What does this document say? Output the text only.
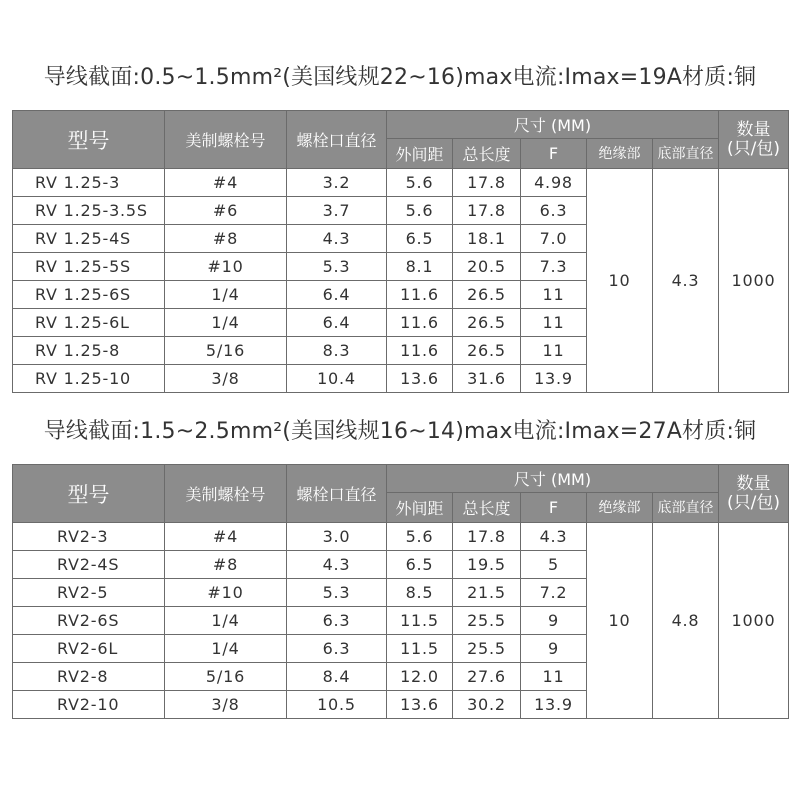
导线截面:0.5~1.5mm²(美国线规22~16)max电流:Imax=19A材质:铜
型号	美制螺栓号	螺栓口直径	尺寸 (MM)					数量
(只/包)
			外间距	总长度	F	绝缘部	底部直径	
RV 1.25-3	#4	3.2	5.6	17.8	4.98	10	4.3	1000
RV 1.25-3.5S	#6	3.7	5.6	17.8	6.3			
RV 1.25-4S	#8	4.3	6.5	18.1	7.0			
RV 1.25-5S	#10	5.3	8.1	20.5	7.3			
RV 1.25-6S	1/4	6.4	11.6	26.5	11			
RV 1.25-6L	1/4	6.4	11.6	26.5	11			
RV 1.25-8	5/16	8.3	11.6	26.5	11			
RV 1.25-10	3/8	10.4	13.6	31.6	13.9			
导线截面:1.5~2.5mm²(美国线规16~14)max电流:Imax=27A材质:铜
型号	美制螺栓号	螺栓口直径	尺寸 (MM)					数量
(只/包)
			外间距	总长度	F	绝缘部	底部直径	
RV2-3	#4	3.0	5.6	17.8	4.3	10	4.8	1000
RV2-4S	#8	4.3	6.5	19.5	5			
RV2-5	#10	5.3	8.5	21.5	7.2			
RV2-6S	1/4	6.3	11.5	25.5	9			
RV2-6L	1/4	6.3	11.5	25.5	9			
RV2-8	5/16	8.4	12.0	27.6	11			
RV2-10	3/8	10.5	13.6	30.2	13.9			
